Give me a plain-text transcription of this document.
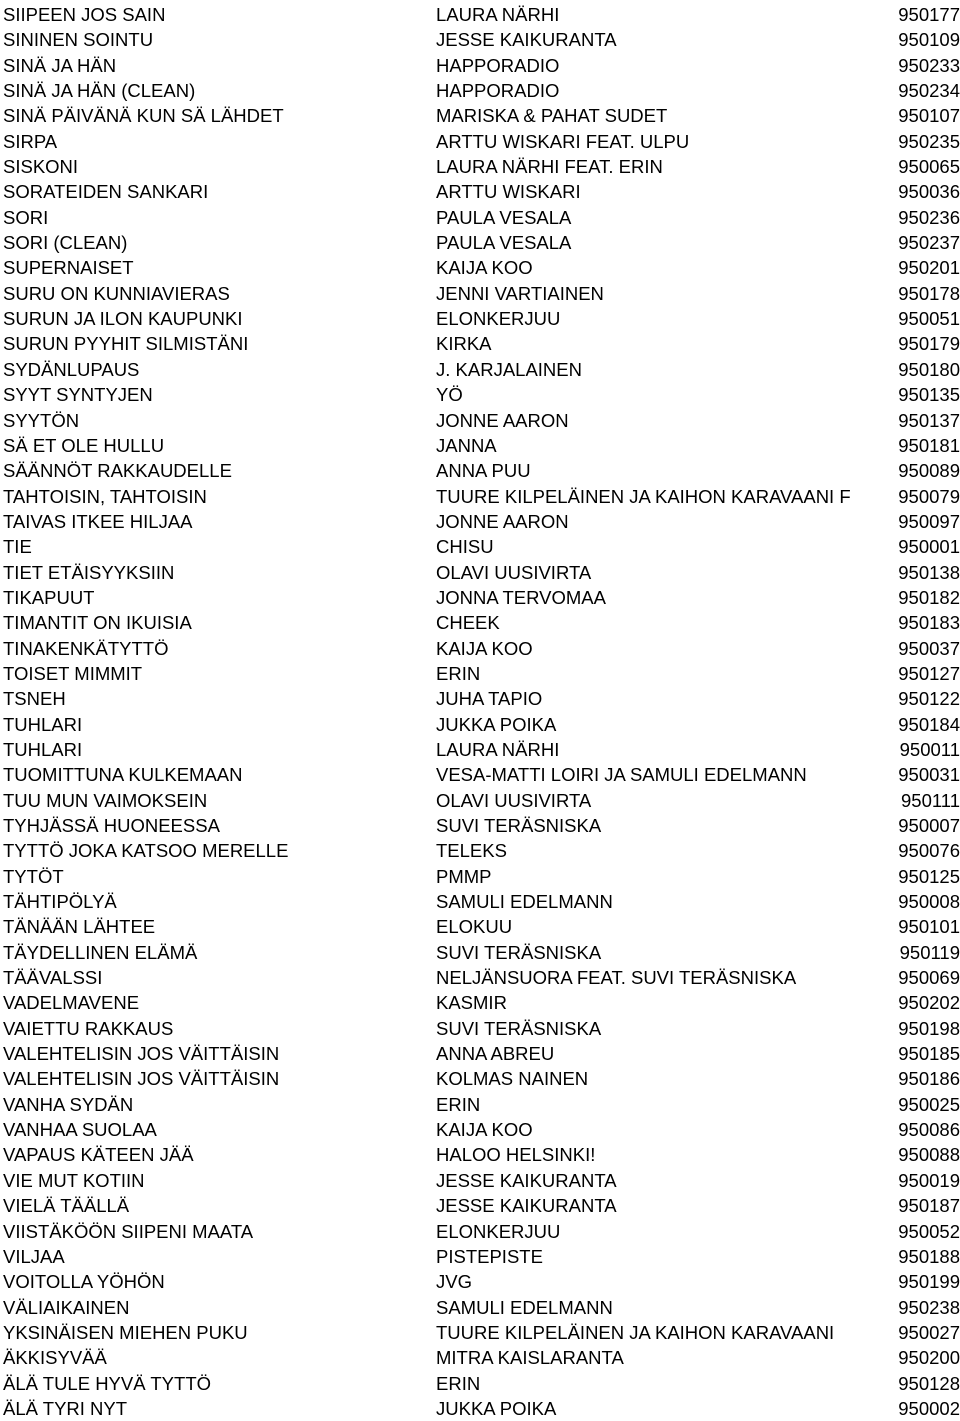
SIIPEEN JOS SAIN	LAURA NÄRHI	950177
SININEN SOINTU	JESSE KAIKURANTA	950109
SINÄ JA HÄN	HAPPORADIO	950233
SINÄ JA HÄN (CLEAN)	HAPPORADIO	950234
SINÄ PÄIVÄNÄ KUN SÄ LÄHDET	MARISKA & PAHAT SUDET	950107
SIRPA	ARTTU WISKARI FEAT. ULPU	950235
SISKONI	LAURA NÄRHI FEAT. ERIN	950065
SORATEIDEN SANKARI	ARTTU WISKARI	950036
SORI	PAULA VESALA	950236
SORI (CLEAN)	PAULA VESALA	950237
SUPERNAISET	KAIJA KOO	950201
SURU ON KUNNIAVIERAS	JENNI VARTIAINEN	950178
SURUN JA ILON KAUPUNKI	ELONKERJUU	950051
SURUN PYYHIT SILMISTÄNI	KIRKA	950179
SYDÄNLUPAUS	J. KARJALAINEN	950180
SYYT SYNTYJEN	YÖ	950135
SYYTÖN	JONNE AARON	950137
SÄ ET OLE HULLU	JANNA	950181
SÄÄNNÖT RAKKAUDELLE	ANNA PUU	950089
TAHTOISIN, TAHTOISIN	TUURE KILPELÄINEN JA KAIHON KARAVAANI F	950079
TAIVAS ITKEE HILJAA	JONNE AARON	950097
TIE	CHISU	950001
TIET ETÄISYYKSIIN	OLAVI UUSIVIRTA	950138
TIKAPUUT	JONNA TERVOMAA	950182
TIMANTIT ON IKUISIA	CHEEK	950183
TINAKENKÄTYTTÖ	KAIJA KOO	950037
TOISET MIMMIT	ERIN	950127
TSNEH	JUHA TAPIO	950122
TUHLARI	JUKKA POIKA	950184
TUHLARI	LAURA NÄRHI	950011
TUOMITTUNA KULKEMAAN	VESA-MATTI LOIRI JA SAMULI EDELMANN	950031
TUU MUN VAIMOKSEIN	OLAVI UUSIVIRTA	950111
TYHJÄSSÄ HUONEESSA	SUVI TERÄSNISKA	950007
TYTTÖ JOKA KATSOO MERELLE	TELEKS	950076
TYTÖT	PMMP	950125
TÄHTIPÖLYÄ	SAMULI EDELMANN	950008
TÄNÄÄN LÄHTEE	ELOKUU	950101
TÄYDELLINEN ELÄMÄ	SUVI TERÄSNISKA	950119
TÄÄVALSSI	NELJÄNSUORA FEAT. SUVI TERÄSNISKA	950069
VADELMAVENE	KASMIR	950202
VAIETTU RAKKAUS	SUVI TERÄSNISKA	950198
VALEHTELISIN JOS VÄITTÄISIN	ANNA ABREU	950185
VALEHTELISIN JOS VÄITTÄISIN	KOLMAS NAINEN	950186
VANHA SYDÄN	ERIN	950025
VANHAA SUOLAA	KAIJA KOO	950086
VAPAUS KÄTEEN JÄÄ	HALOO HELSINKI!	950088
VIE MUT KOTIIN	JESSE KAIKURANTA	950019
VIELÄ TÄÄLLÄ	JESSE KAIKURANTA	950187
VIISTÄKÖÖN SIIPENI MAATA	ELONKERJUU	950052
VILJAA	PISTEPISTE	950188
VOITOLLA YÖHÖN	JVG	950199
VÄLIAIKAINEN	SAMULI EDELMANN	950238
YKSINÄISEN MIEHEN PUKU	TUURE KILPELÄINEN JA KAIHON KARAVAANI	950027
ÄKKISYVÄÄ	MITRA KAISLARANTA	950200
ÄLÄ TULE HYVÄ TYTTÖ	ERIN	950128
ÄLÄ TYRI NYT	JUKKA POIKA	950002
